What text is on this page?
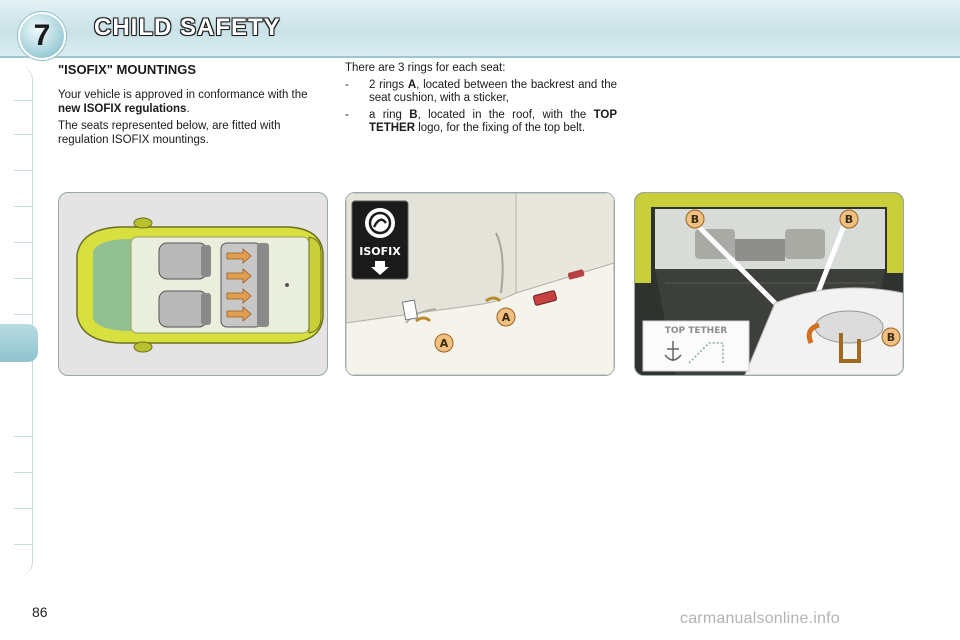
7	CHILD SAFETY

"ISOFIX" MOUNTINGS

Your vehicle is approved in conformance with the new ISOFIX regulations.

The seats represented below, are fitted with regulation ISOFIX mountings.

There are 3 rings for each seat:
-	2 rings A, located between the backrest and the seat cushion, with a sticker,
-	a ring B, located in the roof, with the TOP TETHER logo, for the fixing of the top belt.
ISOFIX
A
A
TOP TETHER
B	B
B
86	carmanualsonline.info
